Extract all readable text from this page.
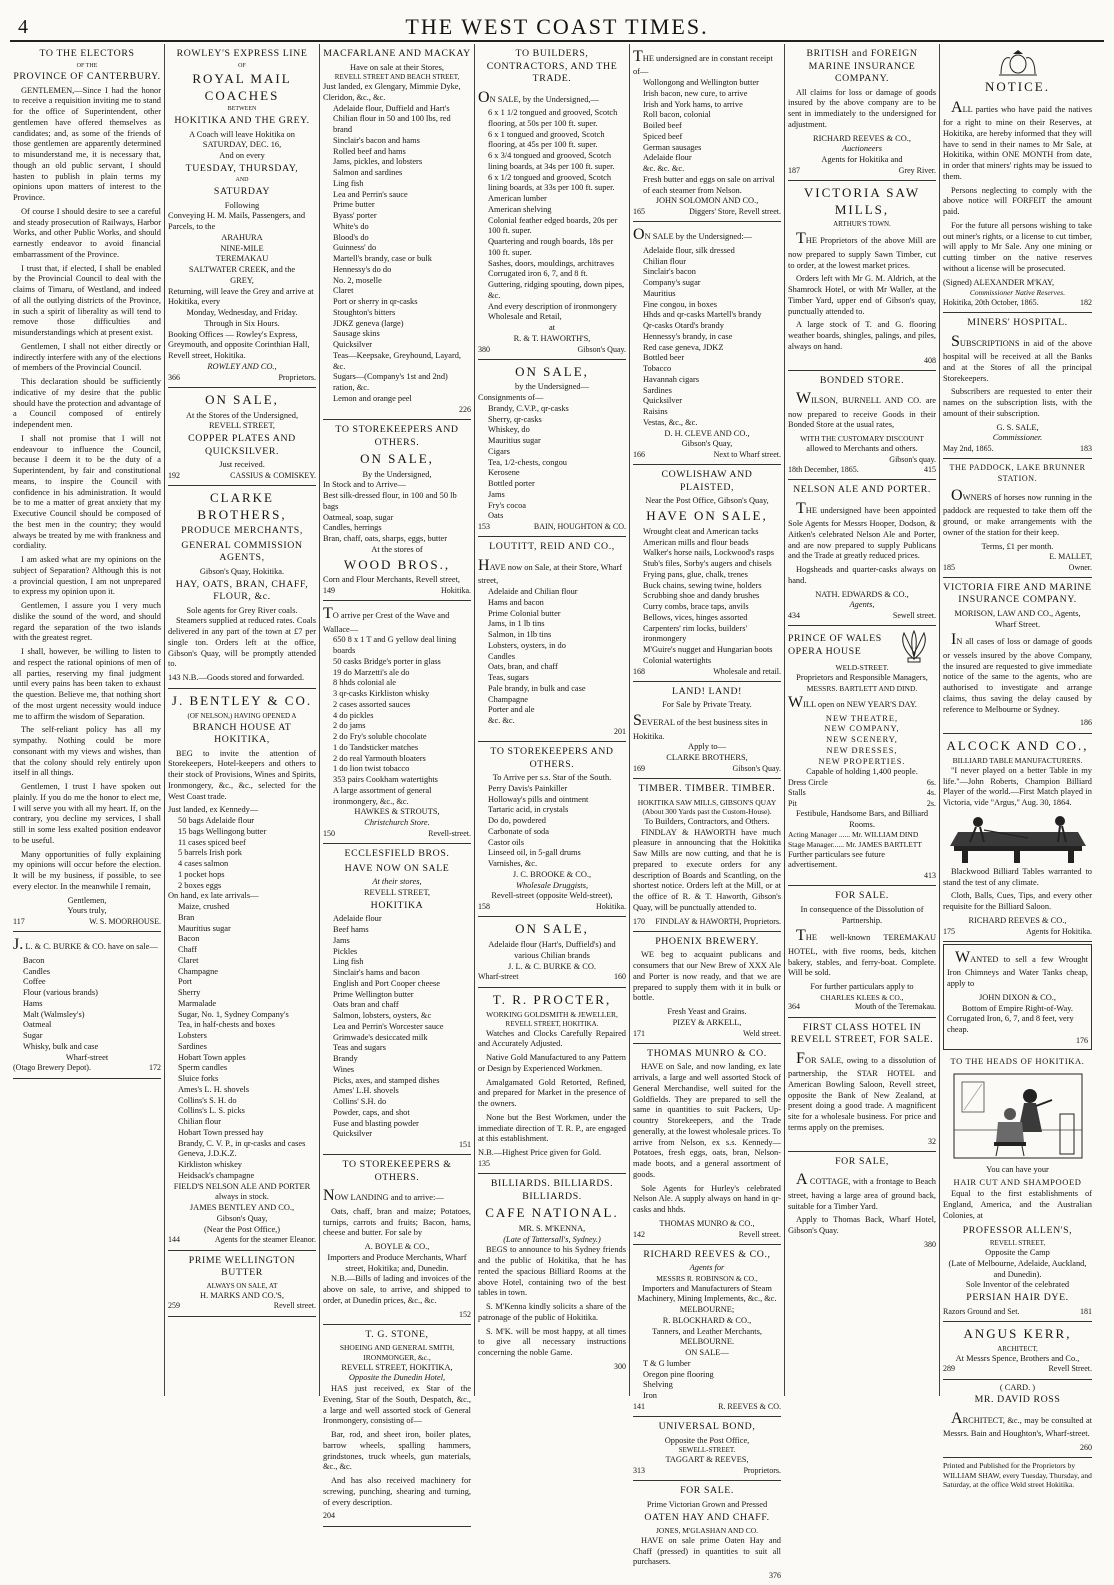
4	THE WEST COAST TIMES.
TO THE ELECTORS
OF THE
PROVINCE OF CANTERBURY.

GENTLEMEN,—Since I had the honor to receive a requisition inviting me to stand for the office of Superintendent, other gentlemen have offered themselves as candidates; and, as some of the friends of those gentlemen are apparently determined to misunderstand me, it is necessary that, though an old public servant, I should hasten to publish in plain terms my opinions upon matters of interest to the Province.

Of course I should desire to see a careful and steady prosecution of Railways, Harbor Works, and other Public Works, and should earnestly endeavor to avoid financial embarrassment of the Province.

I trust that, if elected, I shall be enabled by the Provincial Council to deal with the claims of Timaru, of Westland, and indeed of all the outlying districts of the Province, in such a spirit of liberality as will tend to remove those difficulties and misunderstandings which at present exist.

Gentlemen, I shall not either directly or indirectly interfere with any of the elections of members of the Provincial Council.

This declaration should be sufficiently indicative of my desire that the public should have the protection and advantage of a Council composed of entirely independent men.

I shall not promise that I will not endeavour to influence the Council, because I deem it to be the duty of a Superintendent, by fair and constitutional means, to inspire the Council with confidence in his administration. It would be to me a matter of great anxiety that my Executive Council should be composed of the best men in the country; they would always be treated by me with frankness and cordiality.

I am asked what are my opinions on the subject of Separation? Although this is not a provincial question, I am not unprepared to express my opinion upon it.

Gentlemen, I assure you I very much dislike the sound of the word, and should regard the separation of the two islands with the greatest regret.

I shall, however, be willing to listen to and respect the rational opinions of men of all parties, reserving my final judgment until every pains has been taken to exhaust the question. Believe me, that nothing short of the most urgent necessity would induce me to affirm the wisdom of Separation.

The self-reliant policy has all my sympathy. Nothing could be more consonant with my views and wishes, than that the colony should rely entirely upon itself in all things.

Gentlemen, I trust I have spoken out plainly. If you do me the honor to elect me, I will serve you with all my heart. If, on the contrary, you decline my services, I shall still in some less exalted position endeavor to be useful.

Many opportunities of fully explaining my opinions will occur before the election. It will be my business, if possible, to see every elector. In the meanwhile I remain,

Gentlemen,
Yours truly,
117	W. S. MOORHOUSE.
J. L. & C. BURKE & CO. have on sale—
Bacon
Candles
Coffee
Flour (various brands)
Hams
Malt (Walmsley's)
Oatmeal
Sugar
Whisky, bulk and case
Wharf-street
(Otago Brewery Depot).	172
ROWLEY'S EXPRESS LINE
OF
ROYAL MAIL COACHES
BETWEEN
HOKITIKA AND THE GREY.
A Coach will leave Hokitika on
SATURDAY, DEC. 16,
And on every
TUESDAY, THURSDAY,
AND
SATURDAY
Following
Conveying H. M. Mails, Passengers, and Parcels, to the
ARAHURA
NINE-MILE
TEREMAKAU
SALTWATER CREEK, and the
GREY,
Returning, will leave the Grey and arrive at Hokitika, every
Monday, Wednesday, and Friday.
Through in Six Hours.
Booking Offices — Rowley's Express, Greymouth, and opposite Corinthian Hall, Revell street, Hokitika.
ROWLEY AND CO.,
366	Proprietors.
ON SALE,
At the Stores of the Undersigned,
REVELL STREET,
COPPER PLATES AND QUICKSILVER.
Just received.
192	CASSIUS & COMISKEY.
CLARKE BROTHERS,
PRODUCE MERCHANTS,
GENERAL COMMISSION AGENTS,
Gibson's Quay, Hokitika.
HAY, OATS, BRAN, CHAFF, FLOUR, &c.
Sole agents for Grey River coals.

Steamers supplied at reduced rates. Coals delivered in any part of the town at £7 per single ton. Orders left at the office, Gibson's Quay, will be promptly attended to.

143 N.B.—Goods stored and forwarded.
J. BENTLEY & CO.
(OF NELSON,) HAVING OPENED A
BRANCH HOUSE AT HOKITIKA,

BEG to invite the attention of Storekeepers, Hotel-keepers and others to their stock of Provisions, Wines and Spirits, Ironmongery, &c., &c., selected for the West Coast trade.

Just landed, ex Kennedy—
50 bags Adelaide flour
15 bags Wellingong butter
11 cases spiced beef
5 barrels Irish pork
4 cases salmon
1 pocket hops
2 boxes eggs
On hand, ex late arrivals—
Maize, crushed
Bran
Mauritius sugar
Bacon
Chaff
Claret
Champagne
Port
Sherry
Marmalade
Sugar, No. 1, Sydney Company's
Tea, in half-chests and boxes
Lobsters
Sardines
Hobart Town apples
Sperm candles
Sluice forks
Ames's L. H. shovels
Collins's S. H. do
Collins's L. S. picks
Chilian flour
Hobart Town pressed hay
Brandy, C. V. P., in qr-casks and cases
Geneva, J.D.K.Z.
Kirkliston whiskey
Heidsack's champagne
FIELD'S NELSON ALE AND PORTER always in stock.
JAMES BENTLEY AND CO.,
Gibson's Quay,
(Near the Post Office,)
144	Agents for the steamer Eleanor.
PRIME WELLINGTON BUTTER
ALWAYS ON SALE, AT
H. MARKS AND CO.'S,
259	Revell street.
MACFARLANE AND MACKAY
Have on sale at their Stores,
REVELL STREET AND BEACH STREET,
Just landed, ex Glengary, Mimmie Dyke, Cleridon, &c., &c.
Adelaide flour, Duffield and Hart's
Chilian flour in 50 and 100 lbs, red brand
Sinclair's bacon and hams
Rolled beef and hams
Jams, pickles, and lobsters
Salmon and sardines
Ling fish
Lea and Perrin's sauce
Prime butter
Byass' porter
White's do
Blood's do
Guinness' do
Martell's brandy, case or bulk
Hennessy's do do
No. 2, moselle
Claret
Port or sherry in qr-casks
Stoughton's bitters
JDKZ geneva (large)
Sausage skins
Quicksilver
Teas—Keepsake, Greyhound, Layard, &c.
Sugars—(Company's 1st and 2nd) ration, &c.
Lemon and orange peel
226
TO STOREKEEPERS AND OTHERS.
ON SALE,
By the Undersigned,
In Stock and to Arrive—
Best silk-dressed flour, in 100 and 50 lb bags
Oatmeal, soap, sugar
Candles, herrings
Bran, chaff, oats, sharps, eggs, butter
At the stores of
WOOD BROS.,
Corn and Flour Merchants, Revell street,
149	Hokitika.
TO arrive per Crest of the Wave and Wallace—
650 8 x 1 T and G yellow deal lining boards
50 casks Bridge's porter in glass
19 do Marzetti's ale do
8 hhds colonial ale
3 qr-casks Kirkliston whisky
2 cases assorted sauces
4 do pickles
2 do jams
2 do Fry's soluble chocolate
1 do Tandsticker matches
2 do real Yarmouth bloaters
1 do lion twist tobacco
353 pairs Cookham watertights
A large assortment of general ironmongery, &c., &c.
HAWKES & STROUTS,
Christchurch Store.
150	Revell-street.
ECCLESFIELD BROS.
HAVE NOW ON SALE
At their stores,
REVELL STREET,
HOKITIKA
Adelaide flour
Beef hams
Jams
Pickles
Ling fish
Sinclair's hams and bacon
English and Port Cooper cheese
Prime Wellington butter
Oats bran and chaff
Salmon, lobsters, oysters, &c
Lea and Perrin's Worcester sauce
Grimwade's desiccated milk
Teas and sugars
Brandy
Wines
Picks, axes, and stamped dishes
Ames' L.H. shovels
Collins' S.H. do
Powder, caps, and shot
Fuse and blasting powder
Quicksilver
151
TO STOREKEEPERS & OTHERS.
NOW LANDING and to arrive:—

Oats, chaff, bran and maize; Potatoes, turnips, carrots and fruits; Bacon, hams, cheese and butter. For sale by

A. BOYLE & CO.,
Importers and Produce Merchants, Wharf street, Hokitika; and, Dunedin.

N.B.—Bills of lading and invoices of the above on sale, to arrive, and shipped to order, at Dunedin prices, &c., &c.

152
T. G. STONE,
SHOEING AND GENERAL SMITH, IRONMONGER, &c.,
REVELL STREET, HOKITIKA,
Opposite the Dunedin Hotel,

HAS just received, ex Star of the Evening, Star of the South, Despatch, &c., a large and well assorted stock of General Ironmongery, consisting of—

Bar, rod, and sheet iron, boiler plates, barrow wheels, spalling hammers, grindstones, truck wheels, gun materials, &c., &c.

And has also received machinery for screwing, punching, shearing and turning, of every description.

204
TO BUILDERS, CONTRACTORS, AND THE TRADE.
ON SALE, by the Undersigned,—
6 x 1 1/2 tongued and grooved, Scotch flooring, at 50s per 100 ft. super.
6 x 1 tongued and grooved, Scotch flooring, at 45s per 100 ft. super.
6 x 3/4 tongued and grooved, Scotch lining boards, at 34s per 100 ft. super.
6 x 1/2 tongued and grooved, Scotch lining boards, at 33s per 100 ft. super.
American lumber
American shelving
Colonial feather edged boards, 20s per 100 ft. super.
Quartering and rough boards, 18s per 100 ft. super.
Sashes, doors, mouldings, architraves
Corrugated iron 6, 7, and 8 ft.
Guttering, ridging spouting, down pipes, &c.
And every description of ironmongery
Wholesale and Retail,
at
R. & T. HAWORTH'S,
380	Gibson's Quay.
ON SALE,
by the Undersigned—
Consignments of—
Brandy, C.V.P., qr-casks
Sherry, qr-casks
Whiskey, do
Mauritius sugar
Cigars
Tea, 1/2-chests, congou
Kerosene
Bottled porter
Jams
Fry's cocoa
Oats
153	BAIN, HOUGHTON & CO.
LOUTITT, REID AND CO.,
HAVE now on Sale, at their Store, Wharf street,
Adelaide and Chilian flour
Hams and bacon
Prime Colonial butter
Jams, in 1 lb tins
Salmon, in 1lb tins
Lobsters, oysters, in do
Candles
Oats, bran, and chaff
Teas, sugars
Pale brandy, in bulk and case
Champagne
Porter and ale
&c. &c.
201
TO STOREKEEPERS AND OTHERS.
To Arrive per s.s. Star of the South.
Perry Davis's Painkiller
Holloway's pills and ointment
Tartaric acid, in crystals
Do do, powdered
Carbonate of soda
Castor oils
Linseed oil, in 5-gall drums
Varnishes, &c.
J. C. BROOKE & CO.,
Wholesale Druggists,
Revell-street (opposite Weld-street),
158	Hokitika.
ON SALE,
Adelaide flour (Hart's, Duffield's) and various Chilian brands
J. L. & C. BURKE & CO.
Wharf-street	160
T. R. PROCTER,
WORKING GOLDSMITH & JEWELLER,
REVELL STREET, HOKITIKA.

Watches and Clocks Carefully Repaired and Accurately Adjusted.

Native Gold Manufactured to any Pattern or Design by Experienced Workmen.

Amalgamated Gold Retorted, Refined, and prepared for Market in the presence of the owners.

None but the Best Workmen, under the immediate direction of T. R. P., are engaged at this establishment.

N.B.—Highest Price given for Gold.
135
BILLIARDS. BILLIARDS. BILLIARDS.
CAFE NATIONAL.
MR. S. M'KENNA,
(Late of Tattersall's, Sydney.)

BEGS to announce to his Sydney friends and the public of Hokitika, that he has rented the spacious Billiard Rooms at the above Hotel, containing two of the best tables in town.

S. M'Kenna kindly solicits a share of the patronage of the public of Hokitika.

S. M'K. will be most happy, at all times to give all necessary instructions concerning the noble Game.

300
THE undersigned are in constant receipt of—
Wollongong and Wellington butter
Irish bacon, new cure, to arrive
Irish and York hams, to arrive
Roll bacon, colonial
Boiled beef
Spiced beef
German sausages
Adelaide flour
&c. &c. &c.
Fresh butter and eggs on sale on arrival of each steamer from Nelson.
JOHN SOLOMON AND CO.,
165	Diggers' Store, Revell street.
ON SALE by the Undersigned:—
Adelaide flour, silk dressed
Chilian flour
Sinclair's bacon
Company's sugar
Mauritius
Fine congou, in boxes
Hhds and qr-casks Martell's brandy
Qr-casks Otard's brandy
Hennessy's brandy, in case
Red case geneva, JDKZ
Bottled beer
Tobacco
Havannah cigars
Sardines
Quicksilver
Raisins
Vestas, &c., &c.
D. H. CLEVE AND CO.,
Gibson's Quay,
166	Next to Wharf street.
COWLISHAW AND PLAISTED,
Near the Post Office, Gibson's Quay,
HAVE ON SALE,
Wrought cleat and American tacks
American mills and flour beads
Walker's horse nails, Lockwood's rasps
Stub's files, Sorby's augers and chisels
Frying pans, glue, chalk, trenes
Buck chains, sewing twine, holders
Scrubbing shoe and dandy brushes
Curry combs, brace taps, anvils
Bellows, vices, hinges assorted
Carpenters' rim locks, builders' ironmongery
M'Guire's nugget and Hungarian boots
Colonial watertights
168	Wholesale and retail.
LAND! LAND!
For Sale by Private Treaty.
SEVERAL of the best business sites in Hokitika.
Apply to—
CLARKE BROTHERS,
169	Gibson's Quay.
TIMBER. TIMBER. TIMBER.
HOKITIKA SAW MILLS, GIBSON'S QUAY
(About 300 Yards past the Custom-House).
To Builders, Contractors, and Others.

FINDLAY & HAWORTH have much pleasure in announcing that the Hokitika Saw Mills are now cutting, and that he is prepared to execute orders for any description of Boards and Scantling, on the shortest notice. Orders left at the Mill, or at the office of R. & T. Haworth, Gibson's Quay, will be punctually attended to.

170 FINDLAY & HAWORTH, Proprietors.
PHOENIX BREWERY.

WE beg to acquaint publicans and consumers that our New Brew of XXX Ale and Porter is now ready, and that we are prepared to supply them with it in bulk or bottle.

Fresh Yeast and Grains.
PIZEY & ARKELL,
171	Weld street.
THOMAS MUNRO & CO.

HAVE on Sale, and now landing, ex late arrivals, a large and well assorted Stock of General Merchandise, well suited for the Goldfields. They are prepared to sell the same in quantities to suit Packers, Up-country Storekeepers, and the Trade generally, at the lowest wholesale prices. To arrive from Nelson, ex s.s. Kennedy—Potatoes, fresh eggs, oats, bran, Nelson-made boots, and a general assortment of goods.

Sole Agents for Hurley's celebrated Nelson Ale. A supply always on hand in qr-casks and hhds.

THOMAS MUNRO & CO.,
142	Revell street.
RICHARD REEVES & CO.,
Agents for
MESSRS R. ROBINSON & CO.,
Importers and Manufacturers of Steam Machinery, Mining Implements, &c., &c.
MELBOURNE;
R. BLOCKHARD & CO.,
Tanners, and Leather Merchants,
MELBOURNE.
ON SALE—
T & G lumber
Oregon pine flooring
Shelving
Iron
141	R. REEVES & CO.
UNIVERSAL BOND,
Opposite the Post Office,
SEWELL-STREET.
TAGGART & REEVES,
313	Proprietors.
FOR SALE.
Prime Victorian Grown and Pressed
OATEN HAY AND CHAFF.
JONES, M'GLASHAN AND CO.

HAVE on sale prime Oaten Hay and Chaff (pressed) in quantities to suit all purchasers.

376
BRITISH and FOREIGN MARINE INSURANCE COMPANY.

All claims for loss or damage of goods insured by the above company are to be sent in immediately to the undersigned for adjustment.

RICHARD REEVES & CO.,
Auctioneers
Agents for Hokitika and
187	Grey River.
VICTORIA SAW MILLS,
ARTHUR'S TOWN.

THE Proprietors of the above Mill are now prepared to supply Sawn Timber, cut to order, at the lowest market prices.

Orders left with Mr G. M. Aldrich, at the Shamrock Hotel, or with Mr Waller, at the Timber Yard, upper end of Gibson's quay, punctually attended to.

A large stock of T. and G. flooring weather boards, shingles, palings, and piles, always on hand.

408
BONDED STORE.

WILSON, BURNELL AND CO. are now prepared to receive Goods in their Bonded Store at the usual rates,

WITH THE CUSTOMARY DISCOUNT
allowed to Merchants and others.
Gibson's quay.
18th December, 1865.	415
NELSON ALE AND PORTER.

THE undersigned have been appointed Sole Agents for Messrs Hooper, Dodson, & Aitken's celebrated Nelson Ale and Porter, and are now prepared to supply Publicans and the Trade at greatly reduced prices.

Hogsheads and quarter-casks always on hand.

NATH. EDWARDS & CO.,
Agents,
434	Sewell street.
PRINCE OF WALES OPERA HOUSE
WELD-STREET.
Proprietors and Responsible Managers,
MESSRS. BARTLETT AND DIND.
WILL open on NEW YEAR'S DAY.
NEW THEATRE,
NEW COMPANY,
NEW SCENERY,
NEW DRESSES,
NEW PROPERTIES.
Capable of holding 1,400 people.
Dress Circle	6s.
Stalls	4s.
Pit	2s.
Festibule, Handsome Bars, and Billiard Rooms.
Acting Manager ...... Mr. WILLIAM DIND
Stage Manager...... Mr. JAMES BARTLETT
Further particulars see future advertisement.
413
FOR SALE.
In consequence of the Dissolution of Partnership.

THE well-known TEREMAKAU HOTEL, with five rooms, beds, kitchen bakery, stables, and ferry-boat. Complete. Will be sold.

For further particulars apply to
CHARLES KLEES & CO.,
364	Mouth of the Teremakau.
FIRST CLASS HOTEL IN REVELL STREET, FOR SALE.

FOR SALE, owing to a dissolution of partnership, the STAR HOTEL and American Bowling Saloon, Revell street, opposite the Bank of New Zealand, at present doing a good trade. A magnificent site for a wholesale business. For price and terms apply on the premises.

32
FOR SALE,

A COTTAGE, with a frontage to Beach street, having a large area of ground back, suitable for a Timber Yard.

Apply to Thomas Back, Wharf Hotel, Gibson's Quay.

380
NOTICE.

ALL parties who have paid the natives for a right to mine on their Reserves, at Hokitika, are hereby informed that they will have to send in their names to Mr Sale, at Hokitika, within ONE MONTH from date, in order that miners' rights may be issued to them.

Persons neglecting to comply with the above notice will FORFEIT the amount paid.

For the future all persons wishing to take out miner's rights, or a license to cut timber, will apply to Mr Sale. Any one mining or cutting timber on the native reserves without a license will be prosecuted.

(Signed) ALEXANDER M'KAY,
Commissioner Native Reserves.
Hokitika, 20th October, 1865.	182
MINERS' HOSPITAL.

SUBSCRIPTIONS in aid of the above hospital will be received at all the Banks and at the Stores of all the principal Storekeepers.

Subscribers are requested to enter their names on the subscription lists, with the amount of their subscription.

G. S. SALE,
Commissioner.
May 2nd, 1865.	183
THE PADDOCK, LAKE BRUNNER STATION.

OWNERS of horses now running in the paddock are requested to take them off the ground, or make arrangements with the owner of the station for their keep.

Terms, £1 per month.
E. MALLET,
185	Owner.
VICTORIA FIRE AND MARINE INSURANCE COMPANY.
MORISON, LAW AND CO., Agents,
Wharf Street.

IN all cases of loss or damage of goods or vessels insured by the above Company, the insured are requested to give immediate notice of the same to the agents, who are authorised to investigate and arrange claims, thus saving the delay caused by reference to Melbourne or Sydney.

186
ALCOCK AND CO.,
BILLIARD TABLE MANUFACTURERS.

"I never played on a better Table in my life."—John Roberts, Champion Billiard Player of the world.—First Match played in Victoria, vide "Argus," Aug. 30, 1864.

Blackwood Billiard Tables warranted to stand the test of any climate.

Cloth, Balls, Cues, Tips, and every other requisite for the Billiard Saloon.

RICHARD REEVES & CO.,
175	Agents for Hokitika.

WANTED to sell a few Wrought Iron Chimneys and Water Tanks cheap, apply to

JOHN DIXON & CO.,
Bottom of Empire Right-of-Way.
Corrugated Iron, 6, 7, and 8 feet, very cheap.
176
TO THE HEADS OF HOKITIKA.
You can have your
HAIR CUT AND SHAMPOOED

Equal to the first establishments of England, America, and the Australian Colonies, at

PROFESSOR ALLEN'S,
REVELL STREET,
Opposite the Camp
(Late of Melbourne, Adelaide, Auckland, and Dunedin).
Sole Inventor of the celebrated
PERSIAN HAIR DYE.
Razors Ground and Set.	181
ANGUS KERR,
ARCHITECT,
At Messrs Spence, Brothers and Co.,
289	Revell Street.
( CARD. )
MR. DAVID ROSS

ARCHITECT, &c., may be consulted at Messrs. Bain and Houghton's, Wharf-street.

260
Printed and Published for the Proprietors by WILLIAM SHAW, every Tuesday, Thursday, and Saturday, at the office Weld street Hokitika.
